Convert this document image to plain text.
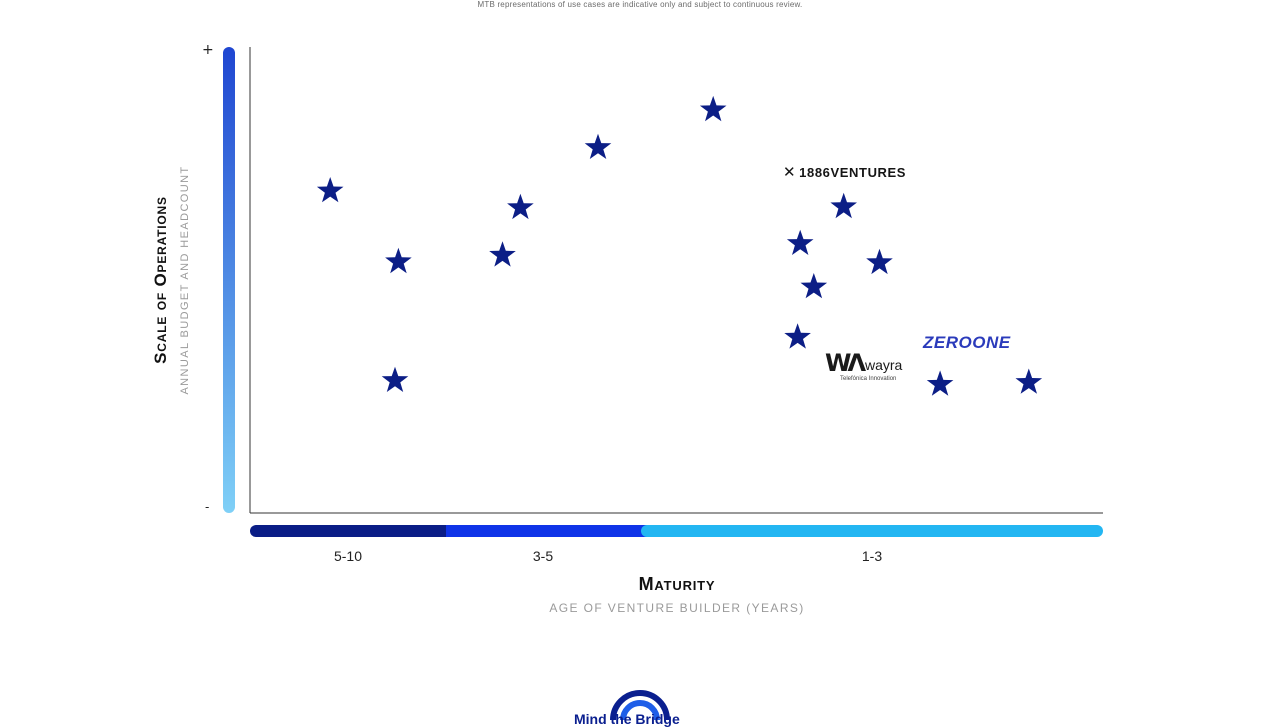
MTB representations of use cases are indicative only and subject to continuous review.
+
-
Scale of Operations ANNUAL BUDGET AND HEADCOUNT
5-10	3-5	1-3
Maturity
AGE OF VENTURE BUILDER (YEARS)
✕ 1886VENTURES
WΛ wayra
Telefónica Innovation
ZEROONE
Mind the Bridge
